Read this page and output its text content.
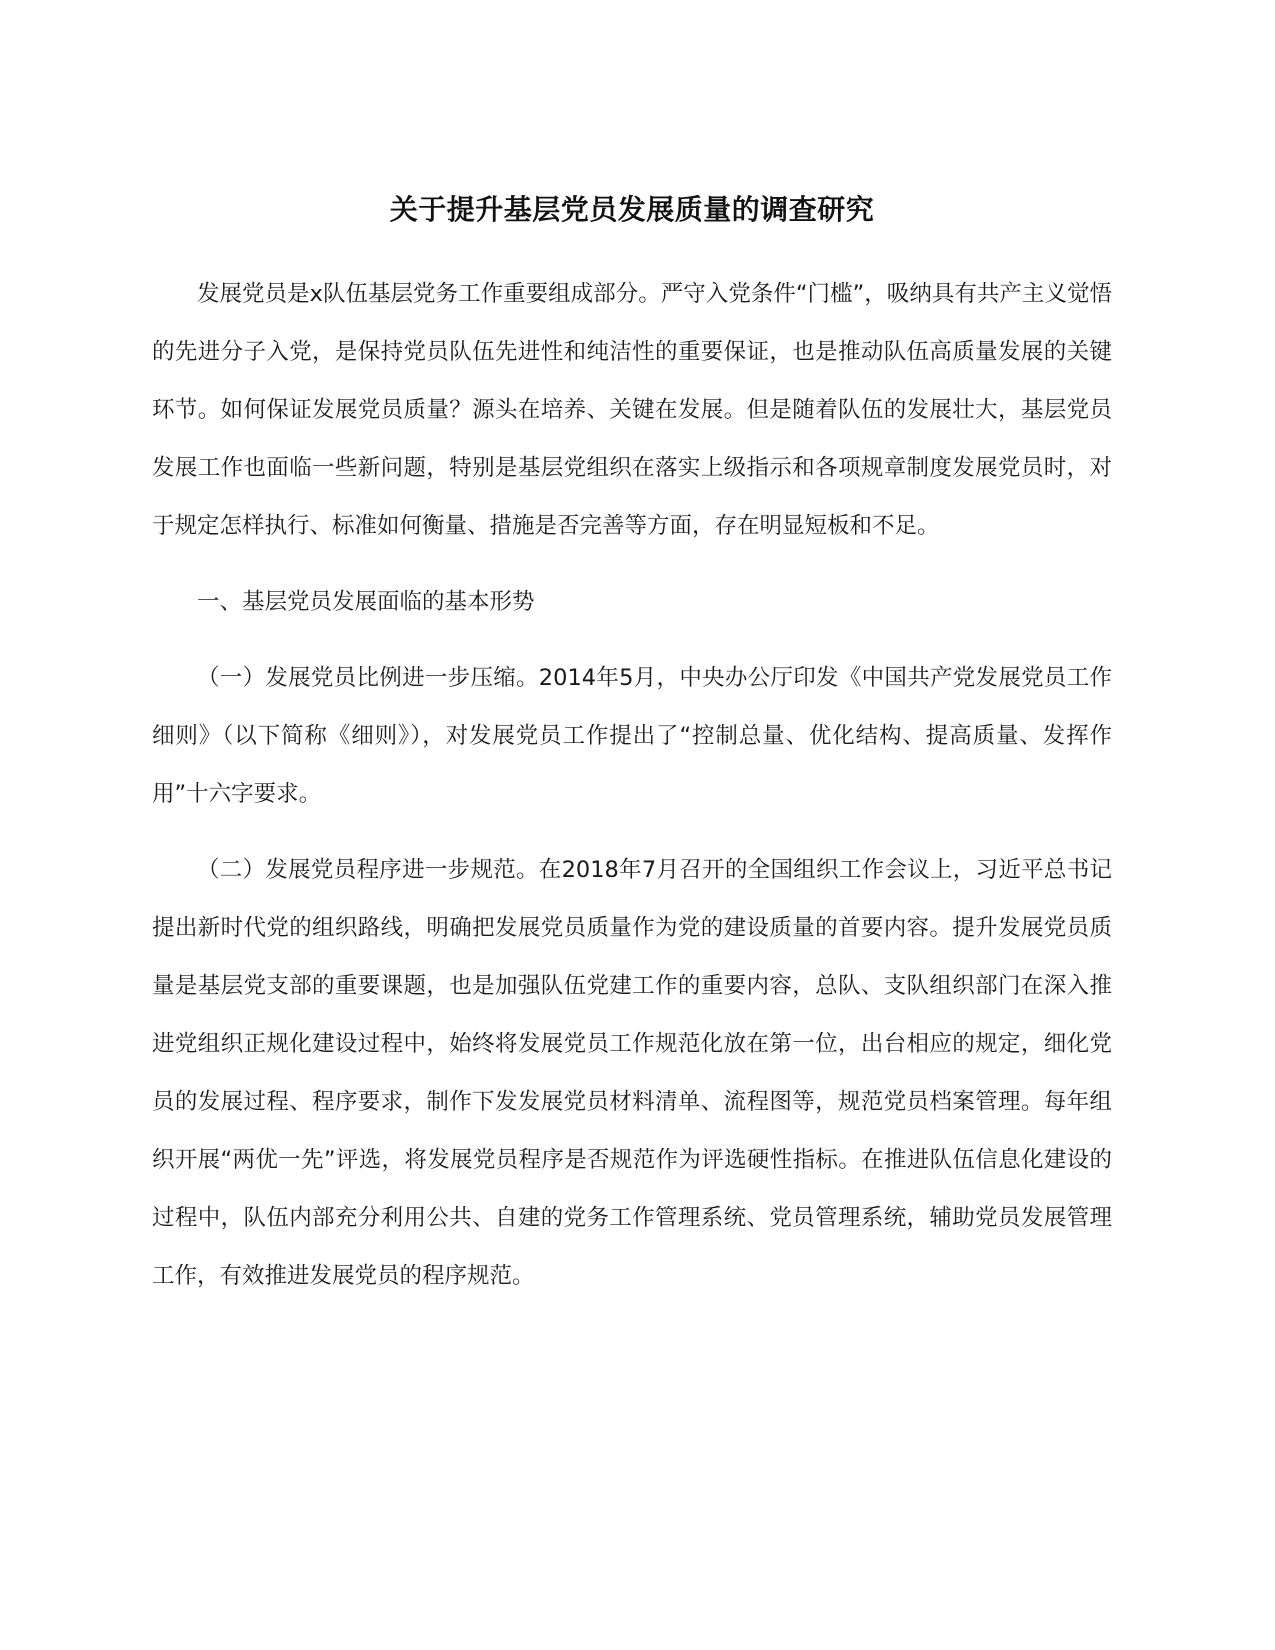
关于提升基层党员发展质量的调查研究

发展党员是x队伍基层党务工作重要组成部分。严守入党条件“门槛”，吸纳具有共产主义觉悟的先进分子入党，是保持党员队伍先进性和纯洁性的重要保证，也是推动队伍高质量发展的关键环节。如何保证发展党员质量？源头在培养、关键在发展。但是随着队伍的发展壮大，基层党员发展工作也面临一些新问题，特别是基层党组织在落实上级指示和各项规章制度发展党员时，对于规定怎样执行、标准如何衡量、措施是否完善等方面，存在明显短板和不足。

一、基层党员发展面临的基本形势

（一）发展党员比例进一步压缩。2014年5月，中央办公厅印发《中国共产党发展党员工作细则》（以下简称《细则》），对发展党员工作提出了“控制总量、优化结构、提高质量、发挥作用”十六字要求。

（二）发展党员程序进一步规范。在2018年7月召开的全国组织工作会议上，习近平总书记提出新时代党的组织路线，明确把发展党员质量作为党的建设质量的首要内容。提升发展党员质量是基层党支部的重要课题，也是加强队伍党建工作的重要内容，总队、支队组织部门在深入推进党组织正规化建设过程中，始终将发展党员工作规范化放在第一位，出台相应的规定，细化党员的发展过程、程序要求，制作下发发展党员材料清单、流程图等，规范党员档案管理。每年组织开展“两优一先”评选，将发展党员程序是否规范作为评选硬性指标。在推进队伍信息化建设的过程中，队伍内部充分利用公共、自建的党务工作管理系统、党员管理系统，辅助党员发展管理工作，有效推进发展党员的程序规范。
